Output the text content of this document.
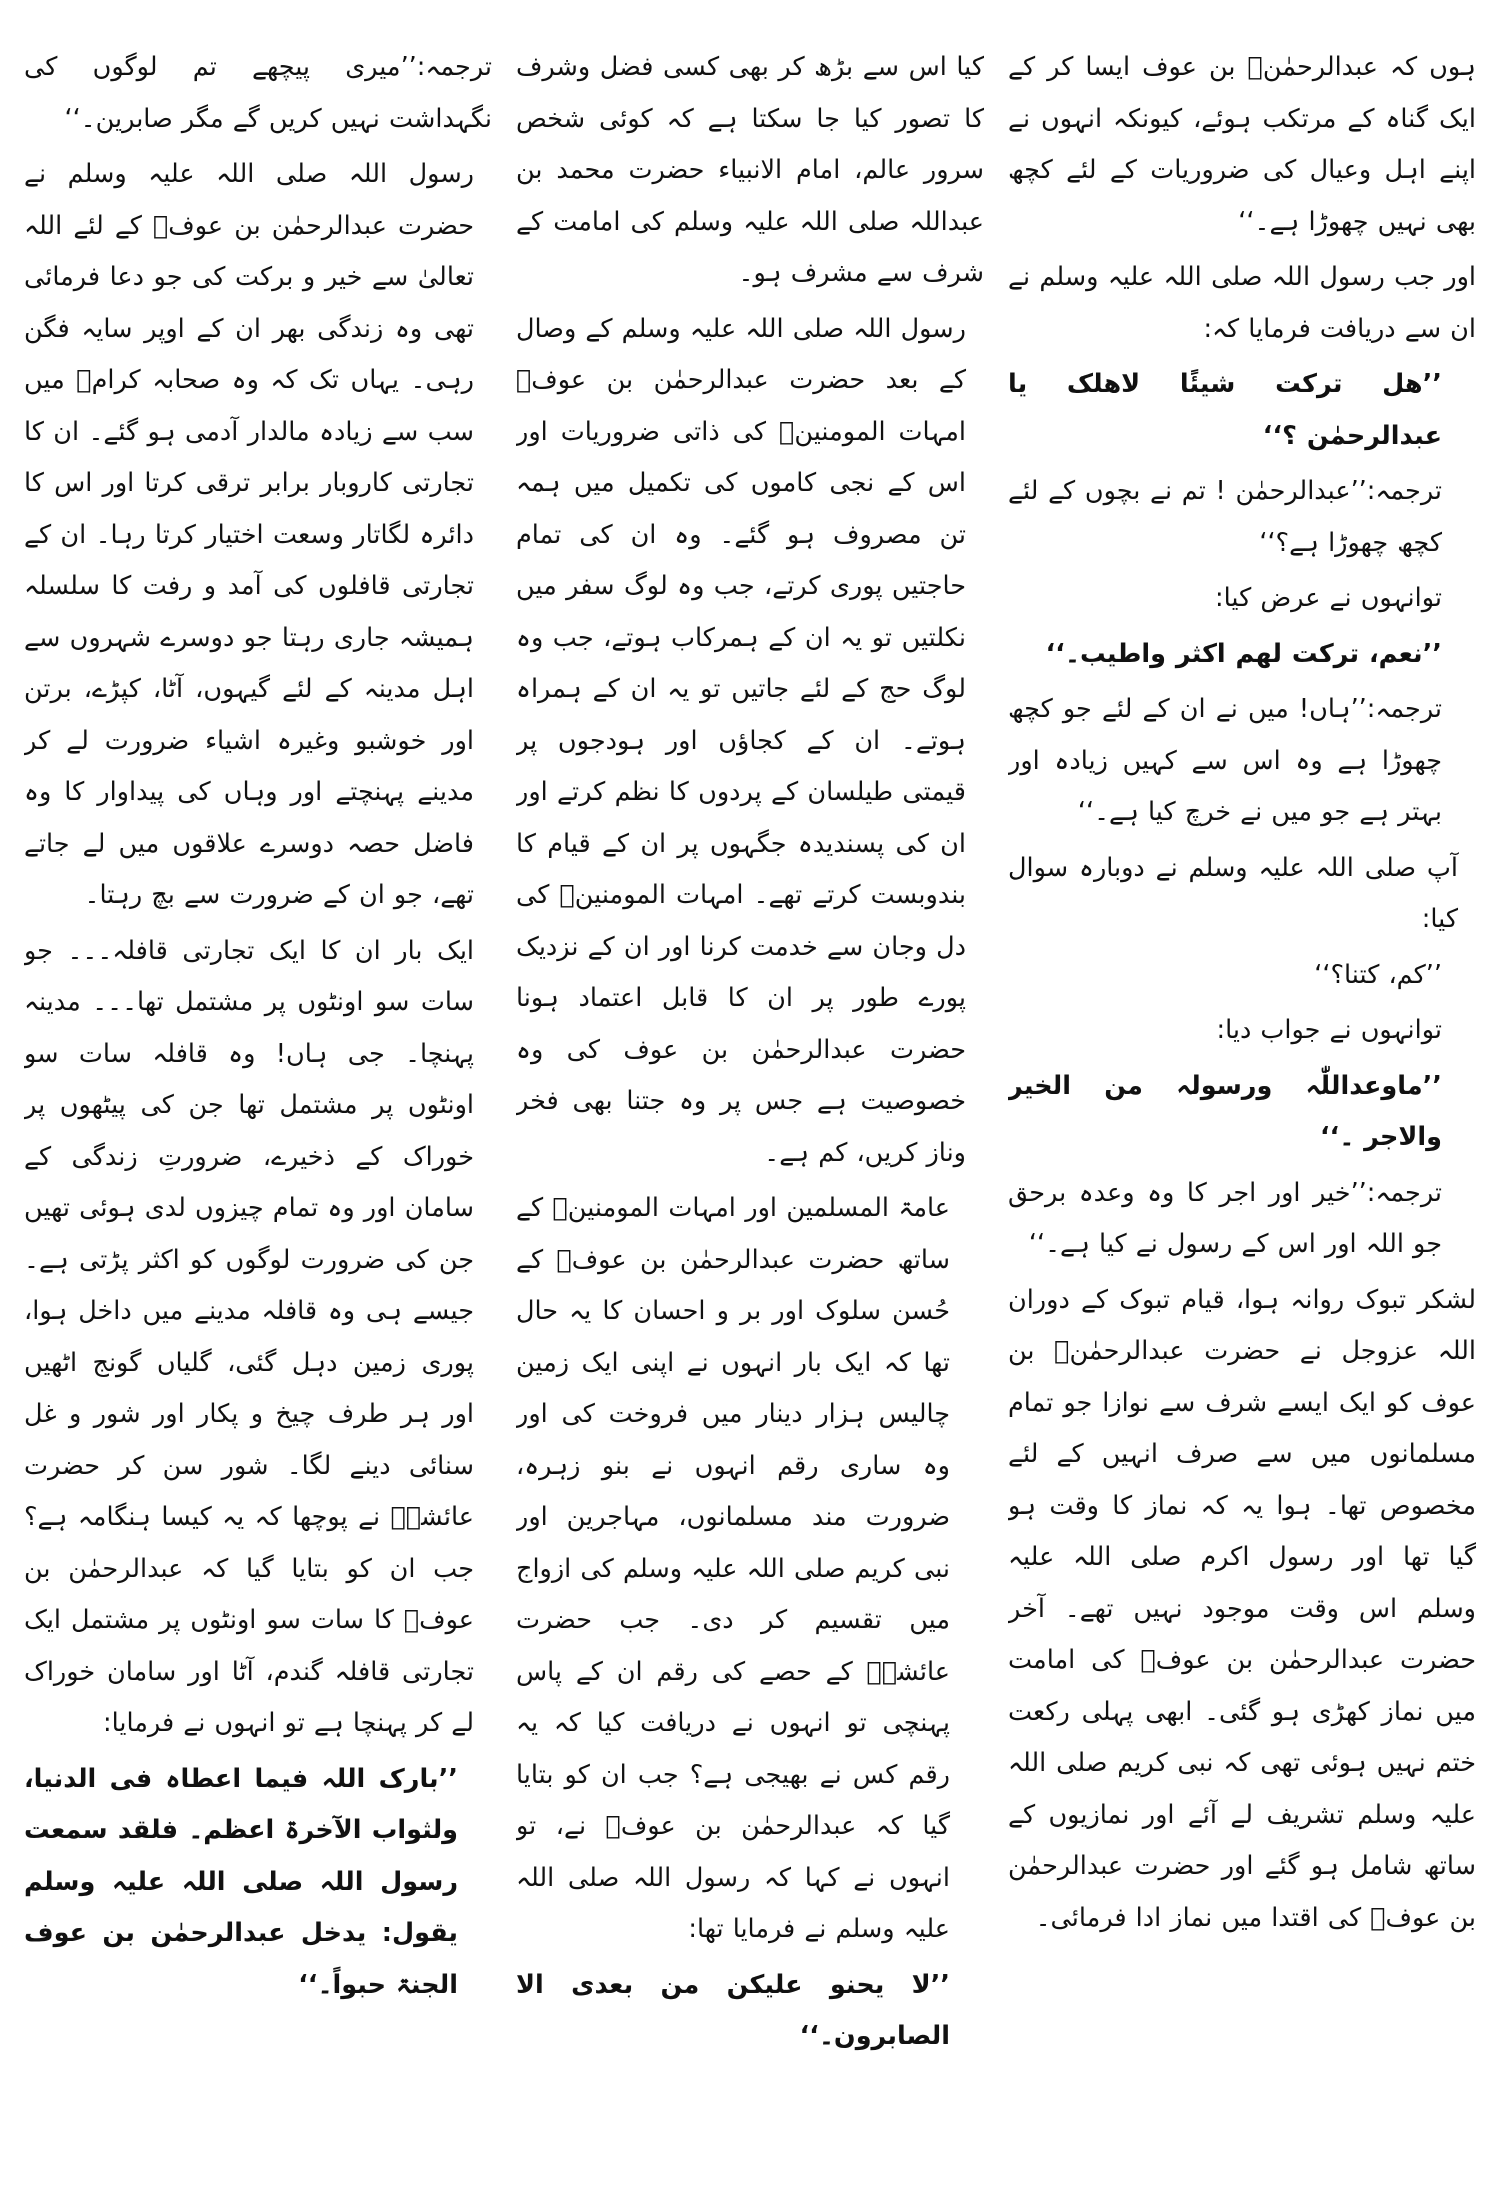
ہوں کہ عبدالرحمٰنؓ بن عوف ایسا کر کے ایک گناہ کے مرتکب ہوئے، کیونکہ انہوں نے اپنے اہل وعیال کی ضروریات کے لئے کچھ بھی نہیں چھوڑا ہے۔‘‘

اور جب رسول اللہ صلی اللہ علیہ وسلم نے ان سے دریافت فرمایا کہ:

’’ھل ترکت شیئًا لاھلک یا عبدالرحمٰن ؟‘‘

ترجمہ:’’عبدالرحمٰن ! تم نے بچوں کے لئے کچھ چھوڑا ہے؟‘‘

توانہوں نے عرض کیا:

’’نعم، ترکت لھم اکثر واطیب۔‘‘

ترجمہ:’’ہاں! میں نے ان کے لئے جو کچھ چھوڑا ہے وہ اس سے کہیں زیادہ اور بہتر ہے جو میں نے خرچ کیا ہے۔‘‘

آپ صلی اللہ علیہ وسلم نے دوبارہ سوال کیا:

’’کم، کتنا؟‘‘

توانہوں نے جواب دیا:

’’ماوعداللّٰہ ورسولہ من الخیر والاجر ۔‘‘

ترجمہ:’’خیر اور اجر کا وہ وعدہ برحق جو اللہ اور اس کے رسول نے کیا ہے۔‘‘

لشکر تبوک روانہ ہوا، قیام تبوک کے دوران اللہ عزوجل نے حضرت عبدالرحمٰنؓ بن عوف کو ایک ایسے شرف سے نوازا جو تمام مسلمانوں میں سے صرف انہیں کے لئے مخصوص تھا۔ ہوا یہ کہ نماز کا وقت ہو گیا تھا اور رسول اکرم صلی اللہ علیہ وسلم اس وقت موجود نہیں تھے۔ آخر حضرت عبدالرحمٰن بن عوفؓ کی امامت میں نماز کھڑی ہو گئی۔ ابھی پہلی رکعت ختم نہیں ہوئی تھی کہ نبی کریم صلی اللہ علیہ وسلم تشریف لے آئے اور نمازیوں کے ساتھ شامل ہو گئے اور حضرت عبدالرحمٰن بن عوفؓ کی اقتدا میں نماز ادا فرمائی۔

کیا اس سے بڑھ کر بھی کسی فضل وشرف کا تصور کیا جا سکتا ہے کہ کوئی شخص سرور عالم، امام الانبیاء حضرت محمد بن عبداللہ صلی اللہ علیہ وسلم کی امامت کے شرف سے مشرف ہو۔

رسول اللہ صلی اللہ علیہ وسلم کے وصال کے بعد حضرت عبدالرحمٰن بن عوفؓ امہات المومنینؓ کی ذاتی ضروریات اور اس کے نجی کاموں کی تکمیل میں ہمہ تن مصروف ہو گئے۔ وہ ان کی تمام حاجتیں پوری کرتے، جب وہ لوگ سفر میں نکلتیں تو یہ ان کے ہمرکاب ہوتے، جب وہ لوگ حج کے لئے جاتیں تو یہ ان کے ہمراہ ہوتے۔ ان کے کجاؤں اور ہودجوں پر قیمتی طیلسان کے پردوں کا نظم کرتے اور ان کی پسندیدہ جگہوں پر ان کے قیام کا بندوبست کرتے تھے۔ امہات المومنینؓ کی دل وجان سے خدمت کرنا اور ان کے نزدیک پورے طور پر ان کا قابل اعتماد ہونا حضرت عبدالرحمٰن بن عوف کی وہ خصوصیت ہے جس پر وہ جتنا بھی فخر وناز کریں، کم ہے۔

عامۃ المسلمین اور امہات المومنینؓ کے ساتھ حضرت عبدالرحمٰن بن عوفؓ کے حُسن سلوک اور بر و احسان کا یہ حال تھا کہ ایک بار انہوں نے اپنی ایک زمین چالیس ہزار دینار میں فروخت کی اور وہ ساری رقم انہوں نے بنو زہرہ، ضرورت مند مسلمانوں، مہاجرین اور نبی کریم صلی اللہ علیہ وسلم کی ازواج میں تقسیم کر دی۔ جب حضرت عائشہؓ کے حصے کی رقم ان کے پاس پہنچی تو انہوں نے دریافت کیا کہ یہ رقم کس نے بھیجی ہے؟ جب ان کو بتایا گیا کہ عبدالرحمٰن بن عوفؓ نے، تو انہوں نے کہا کہ رسول اللہ صلی اللہ علیہ وسلم نے فرمایا تھا:

’’لا یحنو علیکن من بعدی الا الصابرون۔‘‘

ترجمہ:’’میری پیچھے تم لوگوں کی نگہداشت نہیں کریں گے مگر صابرین۔‘‘

رسول اللہ صلی اللہ علیہ وسلم نے حضرت عبدالرحمٰن بن عوفؓ کے لئے اللہ تعالیٰ سے خیر و برکت کی جو دعا فرمائی تھی وہ زندگی بھر ان کے اوپر سایہ فگن رہی۔ یہاں تک کہ وہ صحابہ کرامؓ میں سب سے زیادہ مالدار آدمی ہو گئے۔ ان کا تجارتی کاروبار برابر ترقی کرتا اور اس کا دائرہ لگاتار وسعت اختیار کرتا رہا۔ ان کے تجارتی قافلوں کی آمد و رفت کا سلسلہ ہمیشہ جاری رہتا جو دوسرے شہروں سے اہل مدینہ کے لئے گیہوں، آٹا، کپڑے، برتن اور خوشبو وغیرہ اشیاء ضرورت لے کر مدینے پہنچتے اور وہاں کی پیداوار کا وہ فاضل حصہ دوسرے علاقوں میں لے جاتے تھے، جو ان کے ضرورت سے بچ رہتا۔

ایک بار ان کا ایک تجارتی قافلہ۔۔۔ جو سات سو اونٹوں پر مشتمل تھا۔۔۔ مدینہ پہنچا۔ جی ہاں! وہ قافلہ سات سو اونٹوں پر مشتمل تھا جن کی پیٹھوں پر خوراک کے ذخیرے، ضرورتِ زندگی کے سامان اور وہ تمام چیزوں لدی ہوئی تھیں جن کی ضرورت لوگوں کو اکثر پڑتی ہے۔ جیسے ہی وہ قافلہ مدینے میں داخل ہوا، پوری زمین دہل گئی، گلیاں گونج اٹھیں اور ہر طرف چیخ و پکار اور شور و غل سنائی دینے لگا۔ شور سن کر حضرت عائشہؓ نے پوچھا کہ یہ کیسا ہنگامہ ہے؟ جب ان کو بتایا گیا کہ عبدالرحمٰن بن عوفؓ کا سات سو اونٹوں پر مشتمل ایک تجارتی قافلہ گندم، آٹا اور سامان خوراک لے کر پہنچا ہے تو انہوں نے فرمایا:

’’بارک اللہ فیما اعطاہ فی الدنیا، ولثواب الآخرۃ اعظم۔ فلقد سمعت رسول اللہ صلی اللہ علیہ وسلم یقول: یدخل عبدالرحمٰن بن عوف الجنۃ حبواً۔‘‘
